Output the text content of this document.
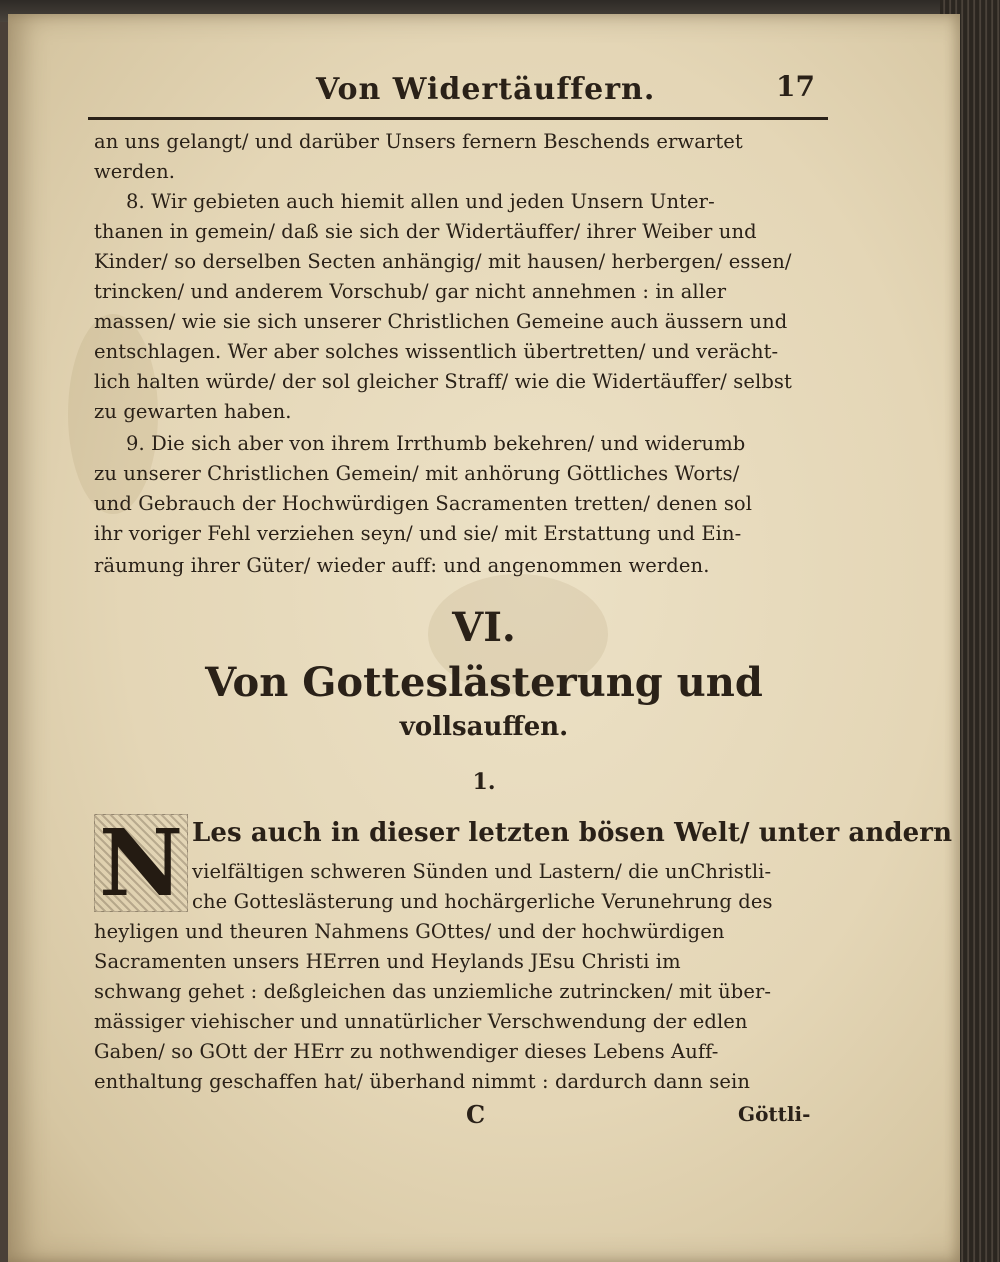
Von Widertäuffern.	17
an uns gelangt/ und darüber Unsers fernern Beschends erwartet
werden.
8. Wir gebieten auch hiemit allen und jeden Unsern Unter-
thanen in gemein/ daß sie sich der Widertäuffer/ ihrer Weiber und
Kinder/ so derselben Secten anhängig/ mit hausen/ herbergen/ essen/
trincken/ und anderem Vorschub/ gar nicht annehmen : in aller
massen/ wie sie sich unserer Christlichen Gemeine auch äussern und
entschlagen. Wer aber solches wissentlich übertretten/ und verächt-
lich halten würde/ der sol gleicher Straff/ wie die Widertäuffer/ selbst
zu gewarten haben.
9. Die sich aber von ihrem Irrthumb bekehren/ und widerumb
zu unserer Christlichen Gemein/ mit anhörung Göttliches Worts/
und Gebrauch der Hochwürdigen Sacramenten tretten/ denen sol
ihr voriger Fehl verziehen seyn/ und sie/ mit Erstattung und Ein-
räumung ihrer Güter/ wieder auff: und angenommen werden.
VI.
Von Gotteslästerung und
vollsauffen.
1.
N Les auch in dieser letzten bösen Welt/ unter andern
vielfältigen schweren Sünden und Lastern/ die unChristli-
che Gotteslästerung und hochärgerliche Verunehrung des
heyligen und theuren Nahmens GOttes/ und der hochwürdigen
Sacramenten unsers HErren und Heylands JEsu Christi im
schwang gehet : deßgleichen das unziemliche zutrincken/ mit über-
mässiger viehischer und unnatürlicher Verschwendung der edlen
Gaben/ so GOtt der HErr zu nothwendiger dieses Lebens Auff-
enthaltung geschaffen hat/ überhand nimmt : dardurch dann sein
C	Göttli-
